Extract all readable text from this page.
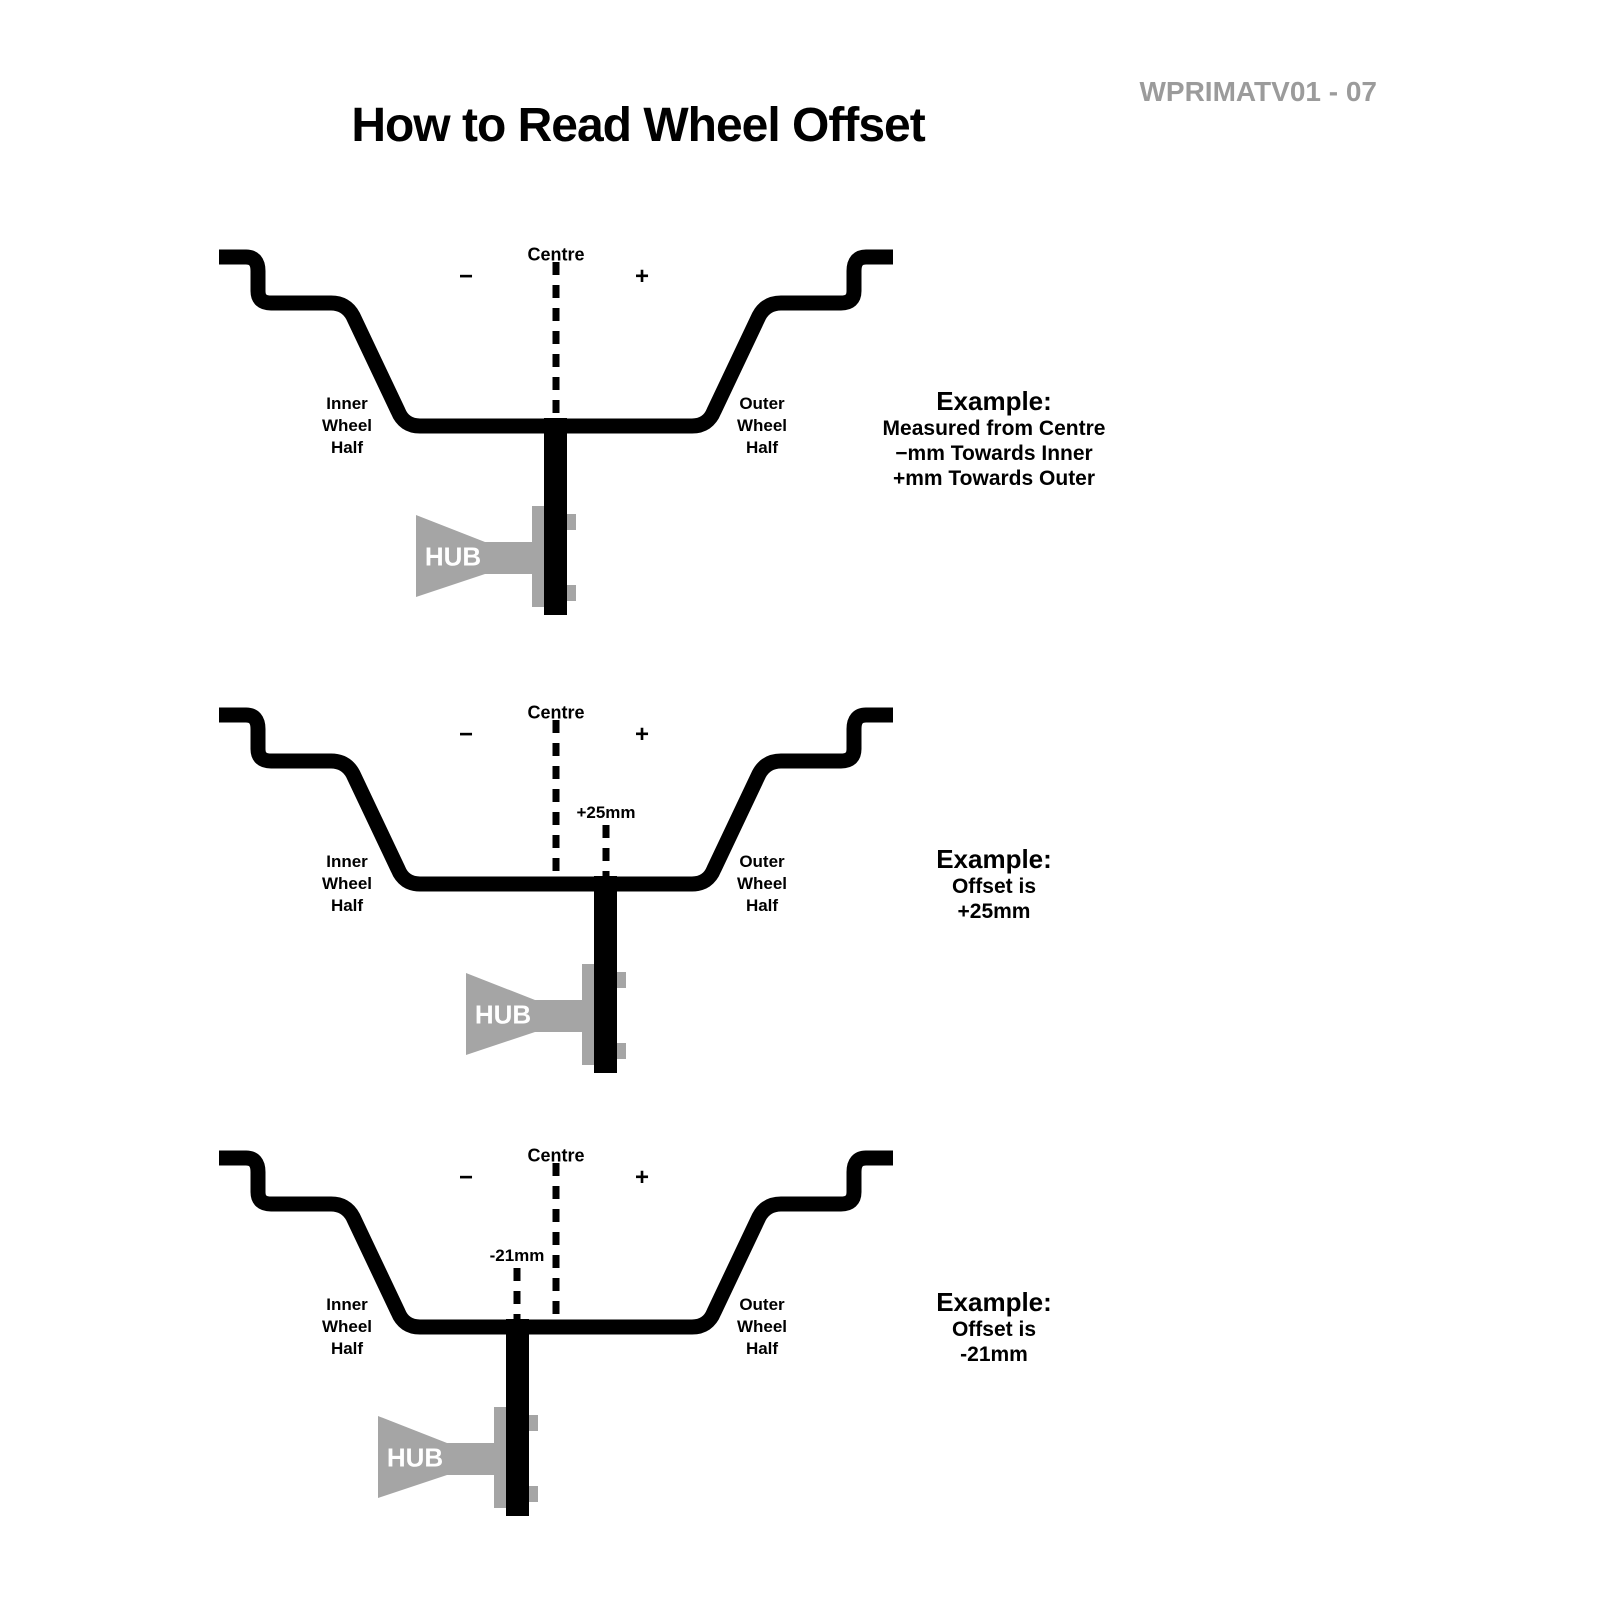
How to Read Wheel Offset
WPRIMATV01 - 07
Centre
−	+
Inner
Wheel
Half
Outer
Wheel
Half
HUB
Example:
Measured from Centre
−mm Towards Inner
+mm Towards Outer
Centre
−	+
+25mm
Inner
Wheel
Half
Outer
Wheel
Half
HUB
Example:
Offset is
+25mm
Centre
−	+
-21mm
Inner
Wheel
Half
Outer
Wheel
Half
HUB
Example:
Offset is
-21mm
